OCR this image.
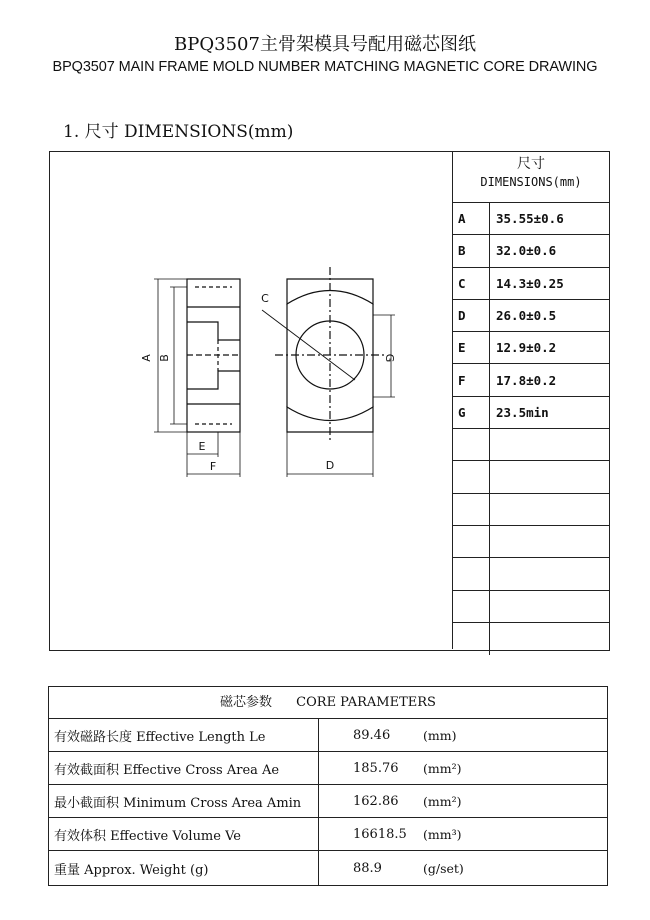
BPQ3507主骨架模具号配用磁芯图纸
BPQ3507 MAIN FRAME MOLD NUMBER MATCHING MAGNETIC CORE DRAWING
1. 尺寸 DIMENSIONS(mm)
A B
C
D
E
F
G
尺寸
DIMENSIONS(mm)
A	35.55±0.6
B	32.0±0.6
C	14.3±0.25
D	26.0±0.5
E	12.9±0.2
F	17.8±0.2
G	23.5min
磁芯参数 CORE PARAMETERS
有效磁路长度 Effective Length Le	89.46	(mm)
有效截面积 Effective Cross Area Ae	185.76	(mm²)
最小截面积 Minimum Cross Area Amin	162.86	(mm²)
有效体积 Effective Volume Ve	16618.5	(mm³)
重量 Approx. Weight (g)	88.9	(g/set)
